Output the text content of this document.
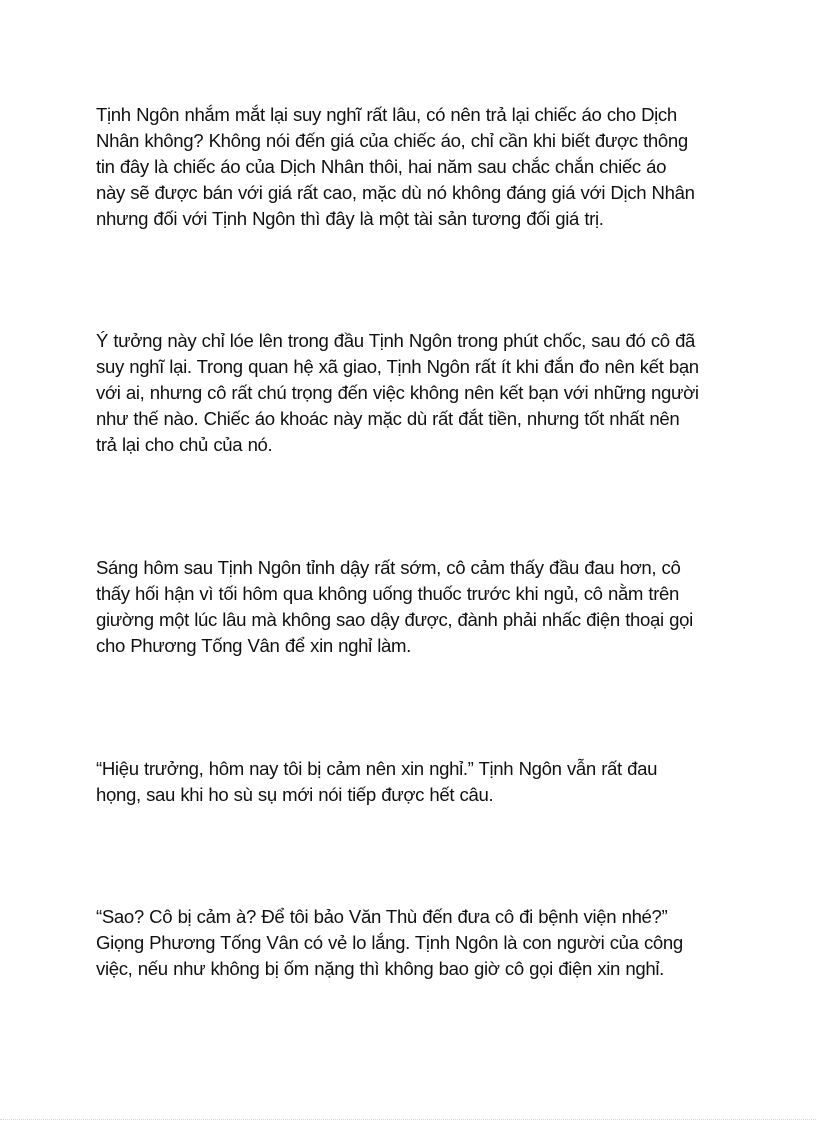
Tịnh Ngôn nhắm mắt lại suy nghĩ rất lâu, có nên trả lại chiếc áo cho Dịch
Nhân không? Không nói đến giá của chiếc áo, chỉ cần khi biết được thông
tin đây là chiếc áo của Dịch Nhân thôi, hai năm sau chắc chắn chiếc áo
này sẽ được bán với giá rất cao, mặc dù nó không đáng giá với Dịch Nhân
nhưng đối với Tịnh Ngôn thì đây là một tài sản tương đối giá trị.

Ý tưởng này chỉ lóe lên trong đầu Tịnh Ngôn trong phút chốc, sau đó cô đã
suy nghĩ lại. Trong quan hệ xã giao, Tịnh Ngôn rất ít khi đắn đo nên kết bạn
với ai, nhưng cô rất chú trọng đến việc không nên kết bạn với những người
như thế nào. Chiếc áo khoác này mặc dù rất đắt tiền, nhưng tốt nhất nên
trả lại cho chủ của nó.

Sáng hôm sau Tịnh Ngôn tỉnh dậy rất sớm, cô cảm thấy đầu đau hơn, cô
thấy hối hận vì tối hôm qua không uống thuốc trước khi ngủ, cô nằm trên
giường một lúc lâu mà không sao dậy được, đành phải nhấc điện thoại gọi
cho Phương Tống Vân để xin nghỉ làm.

“Hiệu trưởng, hôm nay tôi bị cảm nên xin nghỉ.” Tịnh Ngôn vẫn rất đau
họng, sau khi ho sù sụ mới nói tiếp được hết câu.

“Sao? Cô bị cảm à? Để tôi bảo Văn Thù đến đưa cô đi bệnh viện nhé?”
Giọng Phương Tống Vân có vẻ lo lắng. Tịnh Ngôn là con người của công
việc, nếu như không bị ốm nặng thì không bao giờ cô gọi điện xin nghỉ.
